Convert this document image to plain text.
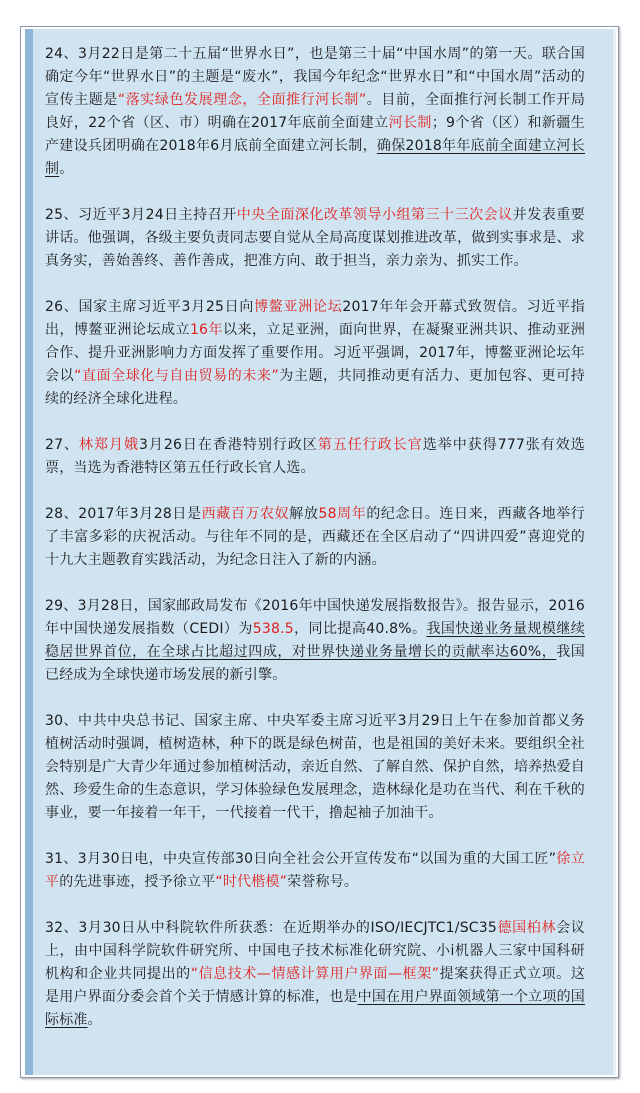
24、3月22日是第二十五届“世界水日”，也是第三十届“中国水周”的第一天。联合国确定今年“世界水日”的主题是“废水”，我国今年纪念“世界水日”和“中国水周”活动的宣传主题是“落实绿色发展理念，全面推行河长制”。目前，全面推行河长制工作开局良好，22个省（区、市）明确在2017年底前全面建立河长制；9个省（区）和新疆生产建设兵团明确在2018年6月底前全面建立河长制，确保2018年年底前全面建立河长制。

25、习近平3月24日主持召开中央全面深化改革领导小组第三十三次会议并发表重要讲话。他强调，各级主要负责同志要自觉从全局高度谋划推进改革，做到实事求是、求真务实，善始善终、善作善成，把准方向、敢于担当，亲力亲为、抓实工作。

26、国家主席习近平3月25日向博鳌亚洲论坛2017年年会开幕式致贺信。习近平指出，博鳌亚洲论坛成立16年以来，立足亚洲，面向世界，在凝聚亚洲共识、推动亚洲合作、提升亚洲影响力方面发挥了重要作用。习近平强调，2017年，博鳌亚洲论坛年会以“直面全球化与自由贸易的未来”为主题，共同推动更有活力、更加包容、更可持续的经济全球化进程。

27、林郑月娥3月26日在香港特别行政区第五任行政长官选举中获得777张有效选票，当选为香港特区第五任行政长官人选。

28、2017年3月28日是西藏百万农奴解放58周年的纪念日。连日来，西藏各地举行了丰富多彩的庆祝活动。与往年不同的是，西藏还在全区启动了“四讲四爱”喜迎党的十九大主题教育实践活动，为纪念日注入了新的内涵。

29、3月28日，国家邮政局发布《2016年中国快递发展指数报告》。报告显示，2016年中国快递发展指数（CEDI）为538.5，同比提高40.8%。我国快递业务量规模继续稳居世界首位，在全球占比超过四成，对世界快递业务量增长的贡献率达60%，我国已经成为全球快递市场发展的新引擎。

30、中共中央总书记、国家主席、中央军委主席习近平3月29日上午在参加首都义务植树活动时强调，植树造林，种下的既是绿色树苗，也是祖国的美好未来。要组织全社会特别是广大青少年通过参加植树活动，亲近自然、了解自然、保护自然，培养热爱自然、珍爱生命的生态意识，学习体验绿色发展理念，造林绿化是功在当代、利在千秋的事业，要一年接着一年干，一代接着一代干，撸起袖子加油干。

31、3月30日电，中央宣传部30日向全社会公开宣传发布“以国为重的大国工匠”徐立平的先进事迹，授予徐立平“时代楷模”荣誉称号。

32、3月30日从中科院软件所获悉：在近期举办的ISO/IECJTC1/SC35德国柏林会议上，由中国科学院软件研究所、中国电子技术标准化研究院、小i机器人三家中国科研机构和企业共同提出的“信息技术—情感计算用户界面—框架”提案获得正式立项。这是用户界面分委会首个关于情感计算的标准，也是中国在用户界面领域第一个立项的国际标准。
